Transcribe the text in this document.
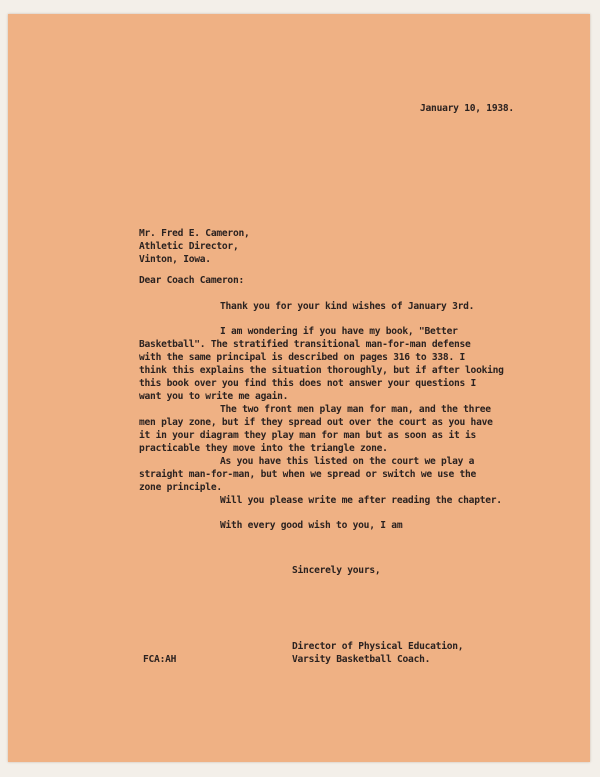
January 10, 1938.
Mr. Fred E. Cameron,
Athletic Director,
Vinton, Iowa.
Dear Coach Cameron:
Thank you for your kind wishes of January 3rd.
I am wondering if you have my book, "Better
Basketball". The stratified transitional man-for-man defense
with the same principal is described on pages 316 to 338. I
think this explains the situation thoroughly, but if after looking
this book over you find this does not answer your questions I
want you to write me again.
The two front men play man for man, and the three
men play zone, but if they spread out over the court as you have
it in your diagram they play man for man but as soon as it is
practicable they move into the triangle zone.
As you have this listed on the court we play a
straight man-for-man, but when we spread or switch we use the
zone principle.
Will you please write me after reading the chapter.
With every good wish to you, I am
Sincerely yours,
Director of Physical Education,
Varsity Basketball Coach.
FCA:AH
